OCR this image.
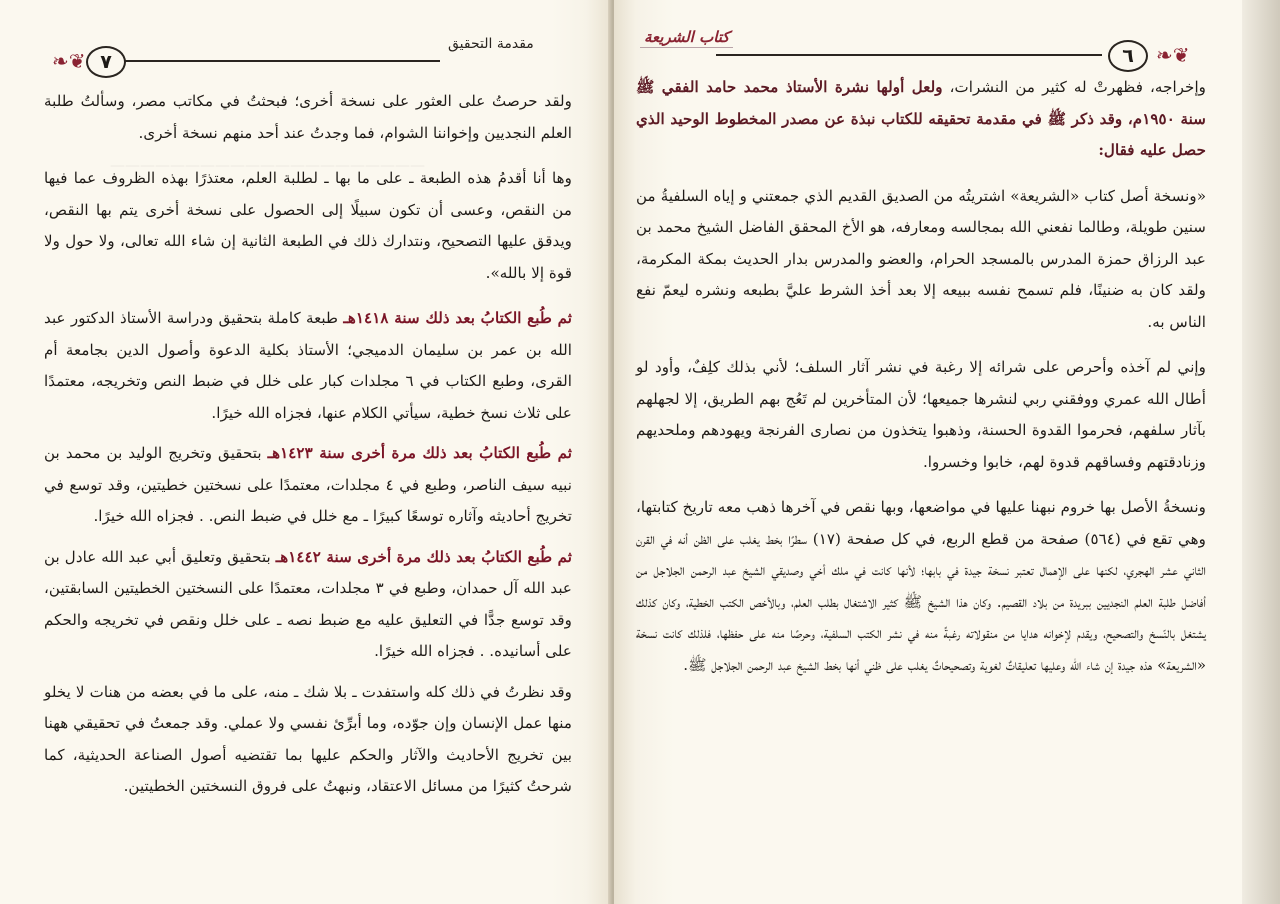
—————————————————————
❦❧ ٧
مقدمة التحقيق

ولقد حرصتُ على العثور على نسخة أخرى؛ فبحثتُ في مكاتب مصر، وسألتُ طلبة العلم النجديين وإخواننا الشوام، فما وجدتُ عند أحد منهم نسخة أخرى.

وها أنا أقدمُ هذه الطبعة ـ على ما بها ـ لطلبة العلم، معتذرًا بهذه الظروف عما فيها من النقص، وعسى أن تكون سبيلًا إلى الحصول على نسخة أخرى يتم بها النقص، ويدقق عليها التصحيح، ونتدارك ذلك في الطبعة الثانية إن شاء الله تعالى، ولا حول ولا قوة إلا بالله».

ثم طُبع الكتابُ بعد ذلك سنة ١٤١٨هـ طبعة كاملة بتحقيق ودراسة الأستاذ الدكتور عبد الله بن عمر بن سليمان الدميجي؛ الأستاذ بكلية الدعوة وأصول الدين بجامعة أم القرى، وطبع الكتاب في ٦ مجلدات كبار على خلل في ضبط النص وتخريجه، معتمدًا على ثلاث نسخ خطية، سيأتي الكلام عنها، فجزاه الله خيرًا.

ثم طُبع الكتابُ بعد ذلك مرة أخرى سنة ١٤٢٣هـ بتحقيق وتخريج الوليد بن محمد بن نبيه سيف الناصر، وطبع في ٤ مجلدات، معتمدًا على نسختين خطيتين، وقد توسع في تخريج أحاديثه وآثاره توسعًا كبيرًا ـ مع خلل في ضبط النص. . فجزاه الله خيرًا.

ثم طُبع الكتابُ بعد ذلك مرة أخرى سنة ١٤٤٢هـ بتحقيق وتعليق أبي عبد الله عادل بن عبد الله آل حمدان، وطبع في ٣ مجلدات، معتمدًا على النسختين الخطيتين السابقتين، وقد توسع جدًّا في التعليق عليه مع ضبط نصه ـ على خلل ونقص في تخريجه والحكم على أسانيده. . فجزاه الله خيرًا.

وقد نظرتُ في ذلك كله واستفدت ـ بلا شك ـ منه، على ما في بعضه من هنات لا يخلو منها عمل الإنسان وإن جوّده، وما أبرِّئ نفسي ولا عملي. وقد جمعتُ في تحقيقي ههنا بين تخريج الأحاديث والآثار والحكم عليها بما تقتضيه أصول الصناعة الحديثية، كما شرحتُ كثيرًا من مسائل الاعتقاد، ونبهتُ على فروق النسختين الخطيتين.

كتاب الشريعة
٦	❦❧

وإخراجه، فظهرتْ له كثير من النشرات، ولعل أولها نشرة الأستاذ محمد حامد الفقي ﷺ سنة ١٩٥٠م، وقد ذكر ﷺ في مقدمة تحقيقه للكتاب نبذة عن مصدر المخطوط الوحيد الذي حصل عليه فقال:

«ونسخة أصل كتاب «الشريعة» اشتريتُه من الصديق القديم الذي جمعتني و إياه السلفيةُ من سنين طويلة، وطالما نفعني الله بمجالسه ومعارفه، هو الأخ المحقق الفاضل الشيخ محمد بن عبد الرزاق حمزة المدرس بالمسجد الحرام، والعضو والمدرس بدار الحديث بمكة المكرمة، ولقد كان به ضنينًا، فلم تسمح نفسه ببيعه إلا بعد أخذ الشرط عليَّ بطبعه ونشره ليعمّ نفع الناس به.

وإني لم آخذه وأحرص على شرائه إلا رغبة في نشر آثار السلف؛ لأني بذلك كلِفٌ، وأود لو أطال الله عمري ووفقني ربي لنشرها جميعها؛ لأن المتأخرين لم تَعُج بهم الطريق، إلا لجهلهم بآثار سلفهم، فحرموا القدوة الحسنة، وذهبوا يتخذون من نصارى الفرنجة ويهودهم وملحديهم وزنادقتهم وفساقهم قدوة لهم، خابوا وخسروا.

ونسخةُ الأصل بها خروم نبهنا عليها في مواضعها، وبها نقص في آخرها ذهب معه تاريخ كتابتها، وهي تقع في (٥٦٤) صفحة من قطع الربع، في كل صفحة (١٧) سطرًا بخط يغلب على الظن أنه في القرن الثاني عشر الهجري، لكنها على الإهمال تعتبر نسخة جيدة في بابها؛ لأنها كانت في ملك أخي وصديقي الشيخ عبد الرحمن الجلاجل من أفاضل طلبة العلم النجديين ببريدة من بلاد القصيم. وكان هذا الشيخ ﷺ كثير الاشتغال بطلب العلم، وبالأخص الكتب الخطية، وكان كذلك يشتغل بالنّسخ والتصحيح، ويقدم لإخوانه هدايا من منقولاته رغبةً منه في نشر الكتب السلفية، وحرصًا منه على حفظها، فلذلك كانت نسخة «الشريعة» هذه جيدة إن شاء الله وعليها تعليقاتٌ لغوية وتصحيحاتٌ يغلب على ظني أنها بخط الشيخ عبد الرحمن الجلاجل ﷺ.
